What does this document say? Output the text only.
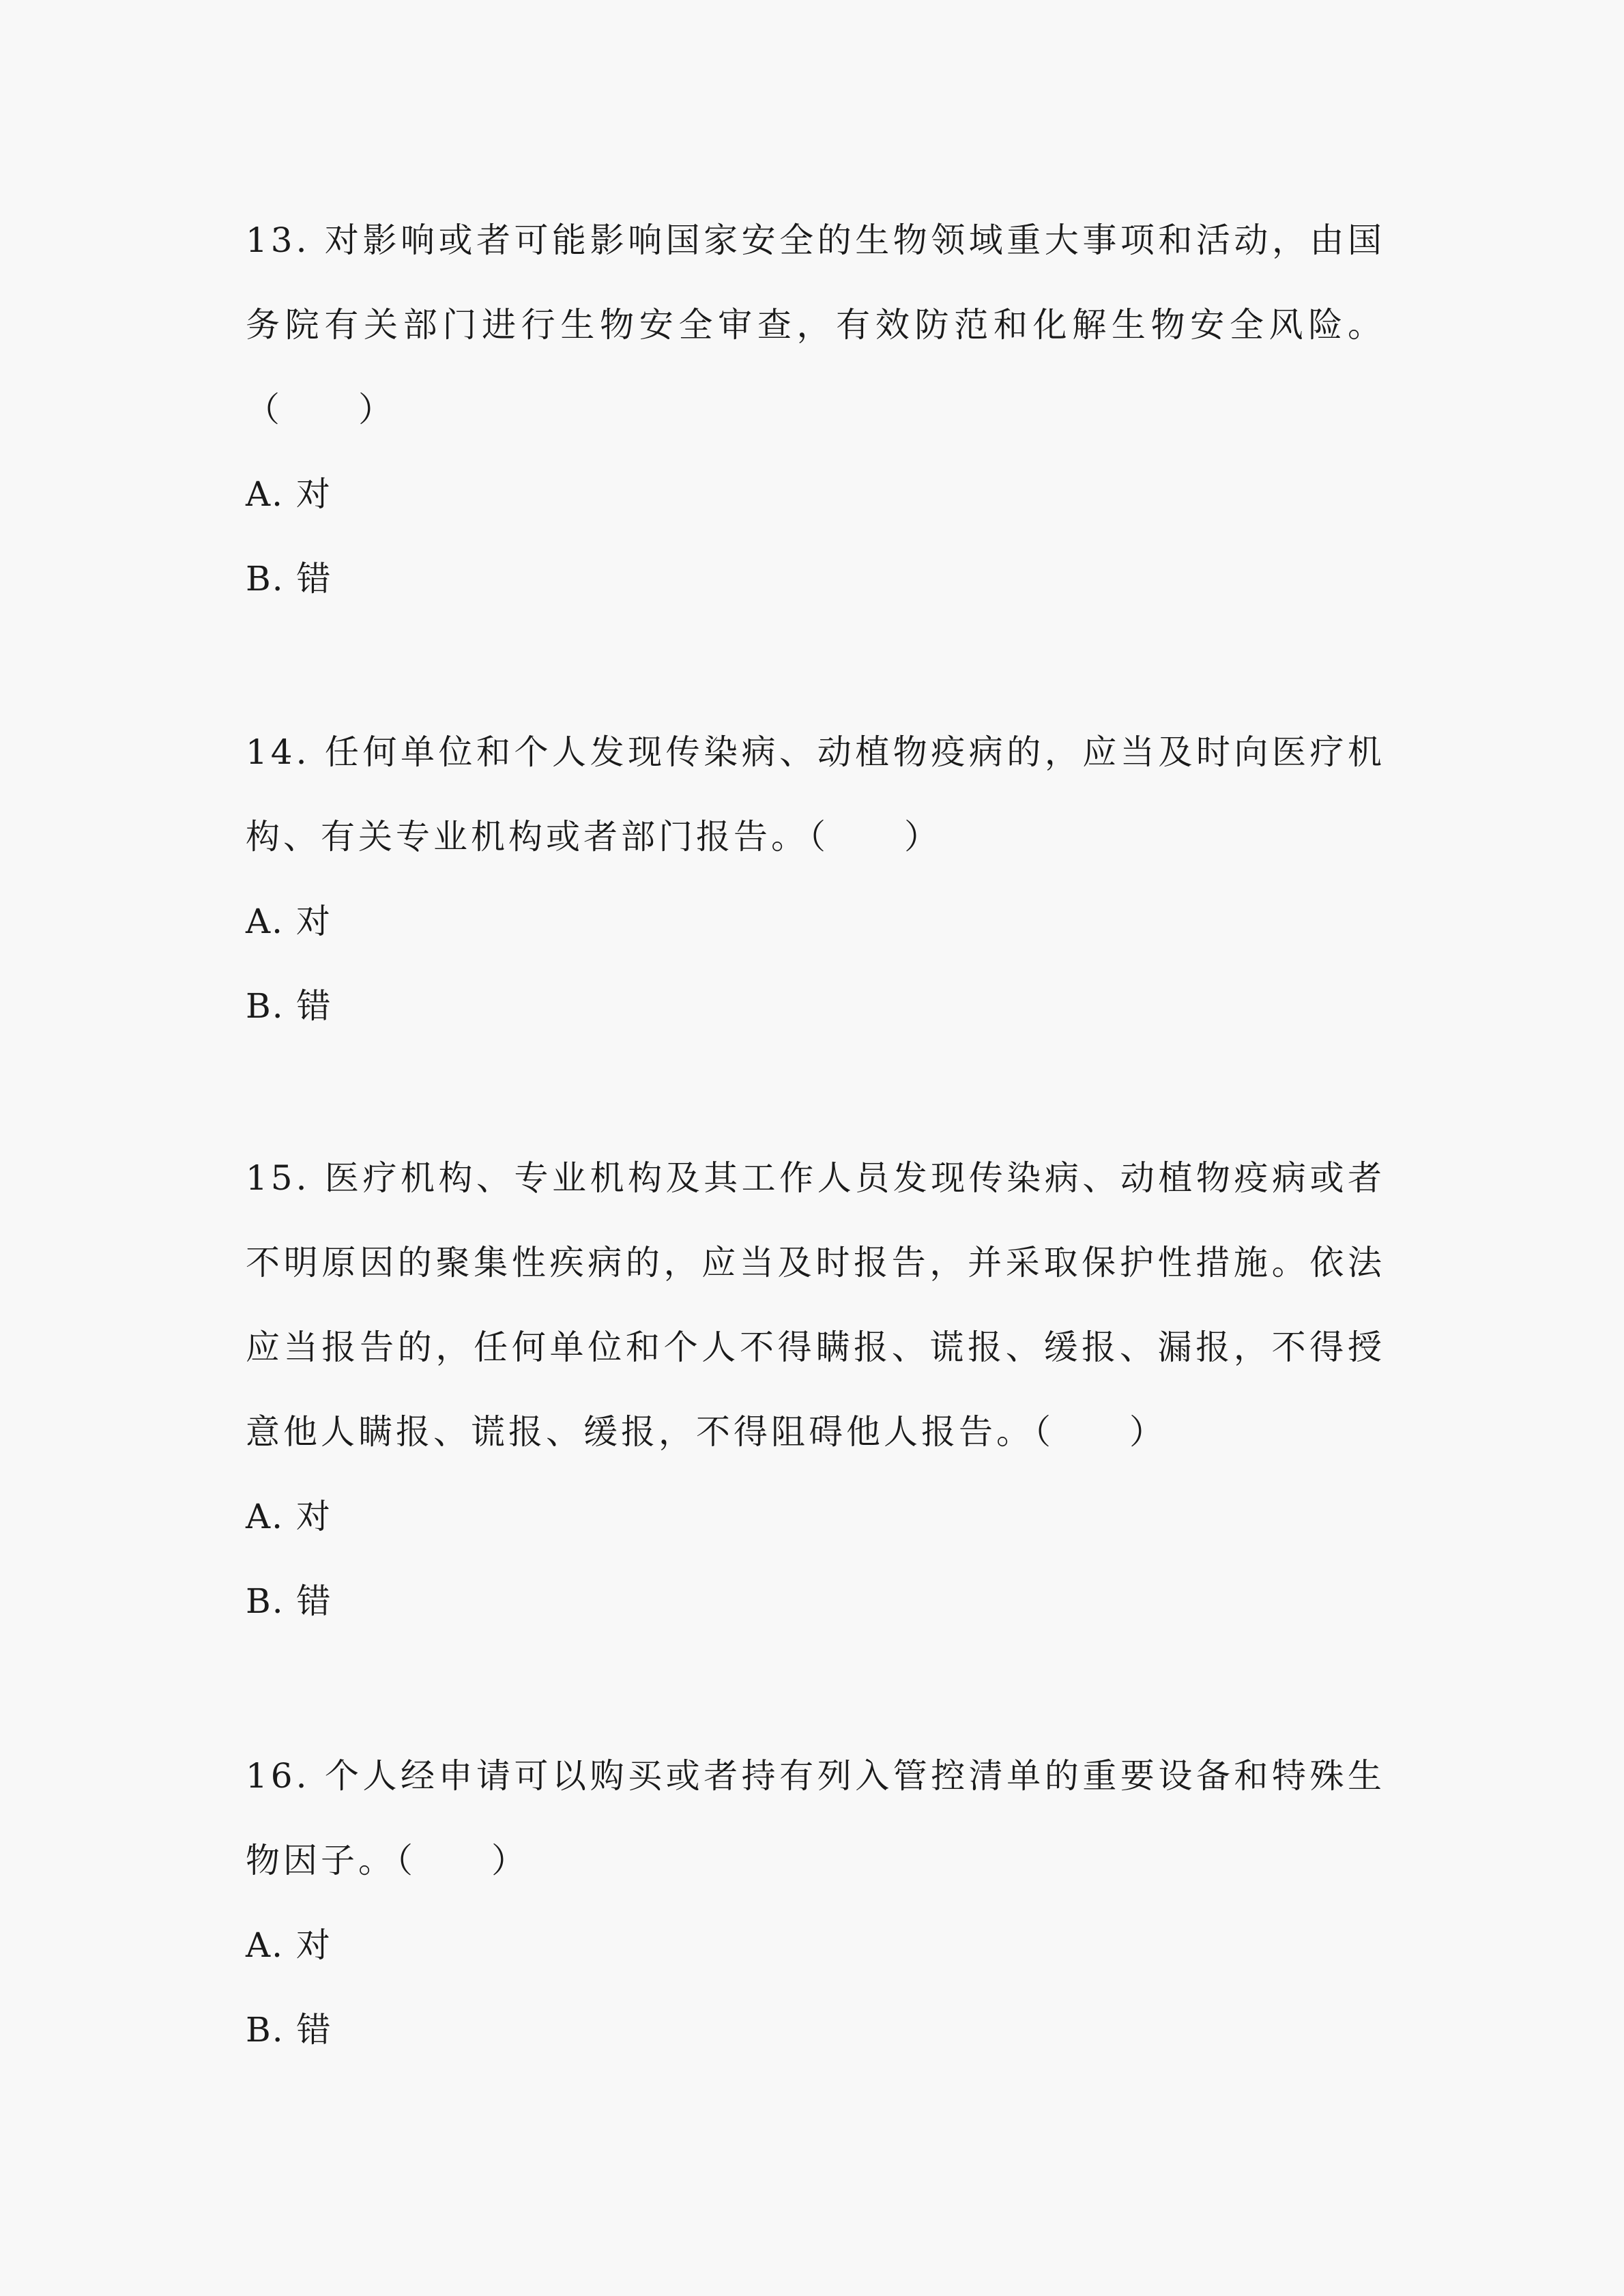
13. 对影响或者可能影响国家安全的生物领域重大事项和活动，由国务院有关部门进行生物安全审查，有效防范和化解生物安全风险。（　　）

A. 对

B. 错

14. 任何单位和个人发现传染病、动植物疫病的，应当及时向医疗机构、有关专业机构或者部门报告。（　　）

A. 对

B. 错

15. 医疗机构、专业机构及其工作人员发现传染病、动植物疫病或者不明原因的聚集性疾病的，应当及时报告，并采取保护性措施。依法应当报告的，任何单位和个人不得瞒报、谎报、缓报、漏报，不得授意他人瞒报、谎报、缓报，不得阻碍他人报告。（　　）

A. 对

B. 错

16. 个人经申请可以购买或者持有列入管控清单的重要设备和特殊生物因子。（　　）

A. 对

B. 错
